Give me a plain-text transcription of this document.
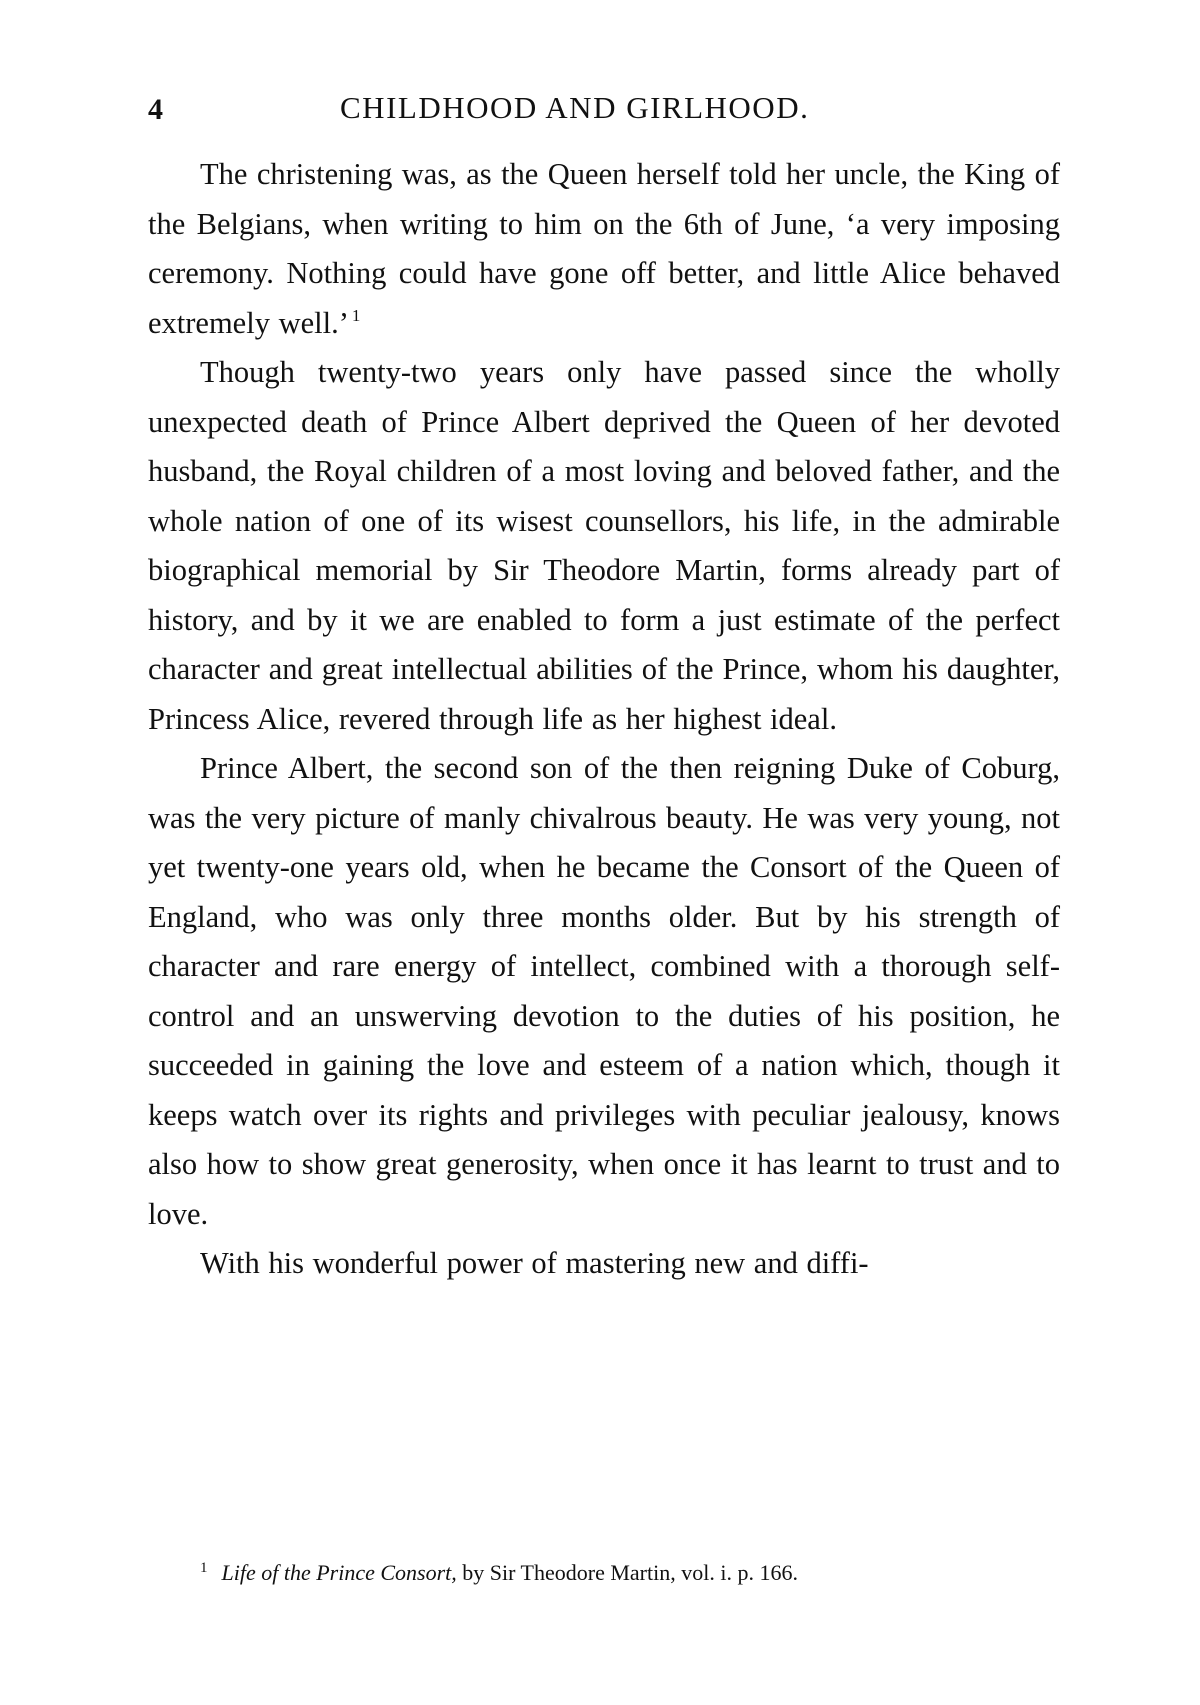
4	CHILDHOOD AND GIRLHOOD.

The christening was, as the Queen herself told her uncle, the King of the Belgians, when writing to him on the 6th of June, ‘a very imposing ceremony. Nothing could have gone off better, and little Alice behaved extremely well.’ $^1$

Though twenty-two years only have passed since the wholly unexpected death of Prince Albert deprived the Queen of her devoted husband, the Royal children of a most loving and beloved father, and the whole nation of one of its wisest counsellors, his life, in the admirable biographical memorial by Sir Theodore Martin, forms already part of history, and by it we are enabled to form a just estimate of the perfect character and great intellectual abilities of the Prince, whom his daughter, Princess Alice, revered through life as her highest ideal.

Prince Albert, the second son of the then reigning Duke of Coburg, was the very picture of manly chivalrous beauty. He was very young, not yet twenty-one years old, when he became the Consort of the Queen of England, who was only three months older. But by his strength of character and rare energy of intellect, combined with a thorough self-control and an unswerving devotion to the duties of his position, he succeeded in gaining the love and esteem of a nation which, though it keeps watch over its rights and privileges with peculiar jealousy, knows also how to show great generosity, when once it has learnt to trust and to love.

With his wonderful power of mastering new and diffi-

$^1$ Life of the Prince Consort, by Sir Theodore Martin, vol. i. p. 166.
